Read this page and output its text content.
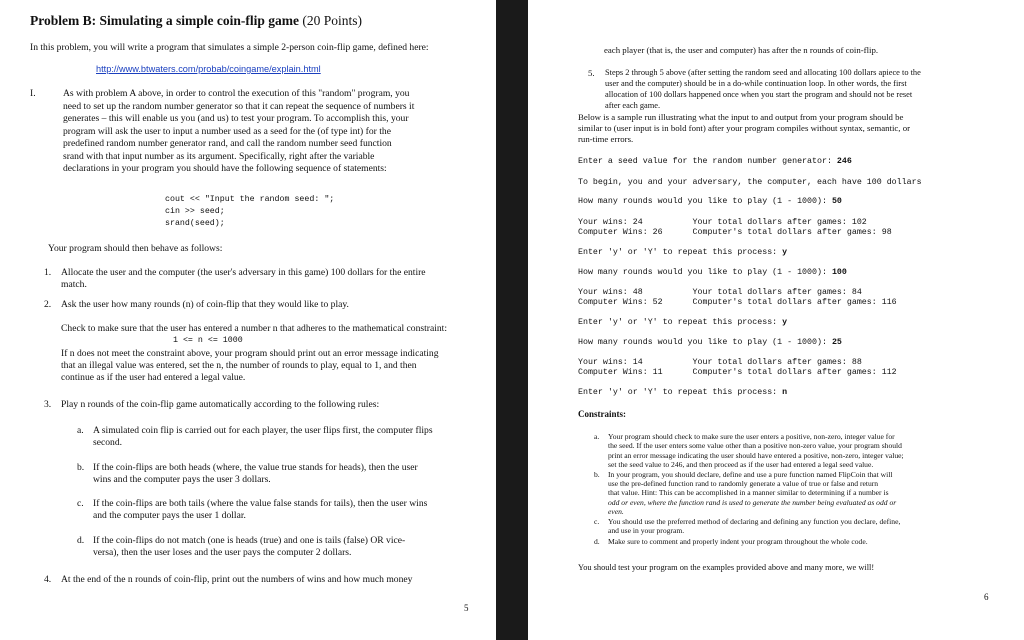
Problem B: Simulating a simple coin-flip game (20 Points)
In this problem, you will write a program that simulates a simple 2-person coin-flip game, defined here:
http://www.btwaters.com/probab/coingame/explain.html
I.	As with problem A above, in order to control the execution of this "random" program, you
need to set up the random number generator so that it can repeat the sequence of numbers it
generates – this will enable us you (and us) to test your program. To accomplish this, your
program will ask the user to input a number used as a seed for the (of type int) for the
predefined random number generator rand, and call the random number seed function
srand with that input number as its argument. Specifically, right after the variable
declarations in your program you should have the following sequence of statements:
cout << "Input the random seed: ";
cin >> seed;
srand(seed);
Your program should then behave as follows:
1. Allocate the user and the computer (the user's adversary in this game) 100 dollars for the entire
match.
2. Ask the user how many rounds (n) of coin-flip that they would like to play.
Check to make sure that the user has entered a number n that adheres to the mathematical constraint:
1 <= n <= 1000
If n does not meet the constraint above, your program should print out an error message indicating
that an illegal value was entered, set the n, the number of rounds to play, equal to 1, and then
continue as if the user had entered a legal value.
3. Play n rounds of the coin-flip game automatically according to the following rules:
a. A simulated coin flip is carried out for each player, the user flips first, the computer flips
second.
b. If the coin-flips are both heads (where, the value true stands for heads), then the user
wins and the computer pays the user 3 dollars.
c. If the coin-flips are both tails (where the value false stands for tails), then the user wins
and the computer pays the user 1 dollar.
d. If the coin-flips do not match (one is heads (true) and one is tails (false) OR vice-
versa), then the user loses and the user pays the computer 2 dollars.
4. At the end of the n rounds of coin-flip, print out the numbers of wins and how much money
5
each player (that is, the user and computer) has after the n rounds of coin-flip.
5. Steps 2 through 5 above (after setting the random seed and allocating 100 dollars apiece to the
user and the computer) should be in a do-while continuation loop. In other words, the first
allocation of 100 dollars happened once when you start the program and should not be reset
after each game.
Below is a sample run illustrating what the input to and output from your program should be
similar to (user input is in bold font) after your program compiles without syntax, semantic, or
run-time errors.
Enter a seed value for the random number generator: 246
To begin, you and your adversary, the computer, each have 100 dollars
How many rounds would you like to play (1 - 1000): 50
Your wins: 24          Your total dollars after games: 102
Computer Wins: 26      Computer's total dollars after games: 98
Enter 'y' or 'Y' to repeat this process: y
How many rounds would you like to play (1 - 1000): 100
Your wins: 48          Your total dollars after games: 84
Computer Wins: 52      Computer's total dollars after games: 116
Enter 'y' or 'Y' to repeat this process: y
How many rounds would you like to play (1 - 1000): 25
Your wins: 14          Your total dollars after games: 88
Computer Wins: 11      Computer's total dollars after games: 112
Enter 'y' or 'Y' to repeat this process: n
Constraints:
a. Your program should check to make sure the user enters a positive, non-zero, integer value for
the seed. If the user enters some value other than a positive non-zero value, your program should
print an error message indicating the user should have entered a positive, non-zero, integer value;
set the seed value to 246, and then proceed as if the user had entered a legal seed value.
b. In your program, you should declare, define and use a pure function named FlipCoin that will
use the pre-defined function rand to randomly generate a value of true or false and return
that value. Hint: This can be accomplished in a manner similar to determining if a number is
odd or even, where the function rand is used to generate the number being evaluated as odd or
even.
c. You should use the preferred method of declaring and defining any function you declare, define,
and use in your program.
d. Make sure to comment and properly indent your program throughout the whole code.
You should test your program on the examples provided above and many more, we will!
6
